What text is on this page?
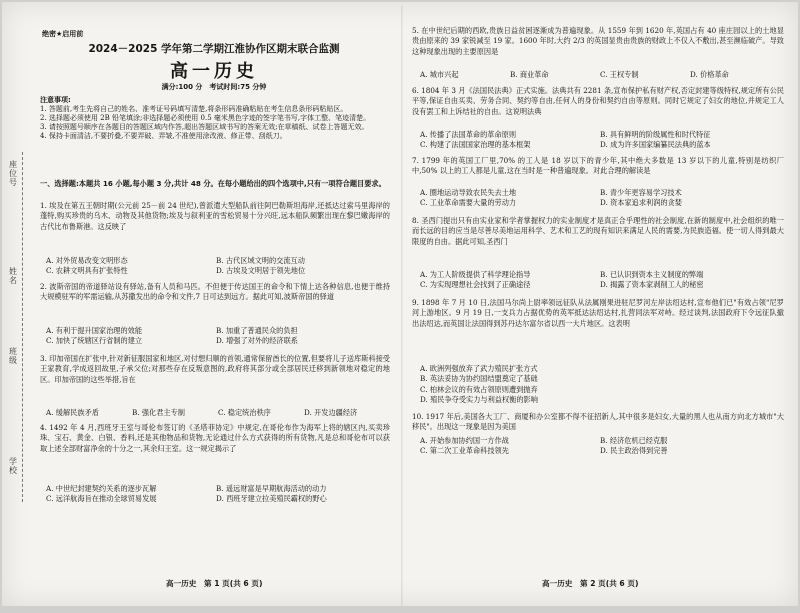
座位号
姓名
班级
学校
绝密★启用前
2024－2025 学年第二学期江淮协作区期末联合监测
高一历史
满分:100 分　考试时间:75 分钟
注意事项:
1. 答题前,考生先将自己的姓名、准考证号码填写清楚,将条形码准确粘贴在考生信息条形码粘贴区。
2. 选择题必须使用 2B 铅笔填涂;非选择题必须使用 0.5 毫米黑色字迹的签字笔书写,字体工整、笔迹清楚。
3. 请按照题号顺序在各题目的答题区域内作答,超出答题区域书写的答案无效;在草稿纸、试卷上答题无效。
4. 保持卡面清洁,不要折叠,不要弄破、弄皱,不准使用涂改液、修正带、刮纸刀。
一、选择题:本题共 16 小题,每小题 3 分,共计 48 分。在每小题给出的四个选项中,只有一项符合题目要求。
1. 埃及在第五王朝时期(公元前 25－前 24 世纪),曾派遣大型船队前往阿巴勒斯坦海岸,还抵达过索马里海岸的蓬特,购买珍贵的乌木、动物及其他货物;埃及与叙利亚的雪松贸易十分兴旺,远本船队频繁出现在黎巴嫩海岸的古代比布鲁斯港。这反映了
A. 对外贸易改变文明形态	B. 古代区域文明的交流互动
C. 农耕文明具有扩张特性	D. 古埃及文明居于领先地位
2. 波斯帝国的帝道驿站设有驿站,备有人员和马匹。不但便于传达国王的命令和下情上达各种信息,也便于维持大规模驻军的军需运输,从苏撒发出的命令和文件,7 日可达到远方。据此可知,波斯帝国的驿道
A. 有利于提升国家治理的效能	B. 加重了普通民众的负担
C. 加快了统辖区行省制的建立	D. 增强了对外的经济联系
3. 印加帝国在扩张中,针对新征服国家和地区,对付想归顺的首领,通常保留酋长的位置,但要将儿子送库斯科接受王家教育,学成返回故里,子承父位;对那些存在反叛意图的,政府将其部分或全部居民迁移到新领地对稳定的地区。印加帝国的这些举措,旨在
A. 缓解民族矛盾	B. 强化君主专制	C. 稳定统治秩序	D. 开发边疆经济
4. 1492 年 4 月,西班牙王室与哥伦布签订的《圣塔菲协定》中规定,在哥伦布作为海军上将的辖区内,买卖珍珠、宝石、黄金、白银、香料,还是其他物品和货物,无论通过什么方式获得的所有货物,凡是总和哥伦布可以获取上述全部财富净余的十分之一,其余归王室。这一规定揭示了
A. 中世纪封建契约关系的逐步瓦解	B. 遥远财富是早期航海活动的动力
C. 远洋航海旨在推动全球贸易发展	D. 西班牙建立拉美殖民霸权的野心
高一历史　第 1 页(共 6 页)
5. 在中世纪后期的西欧,贵族日益贫困逐渐成为普遍现象。从 1559 年到 1620 年,英国占有 40 座庄园以上的土地显贵由原来的 39 家锐减至 19 家。1600 年时,大约 2/3 的英国显贵由贵族的财政上不仅入不敷出,甚至濒临破产。导致这种现象出现的主要原因是
A. 城市兴起	B. 商业革命	C. 王权专制	D. 价格革命
6. 1804 年 3 月《法国民法典》正式实施。法典共有 2281 条,宣布保护私有财产权,否定封建等级特权,规定所有公民平等,保证自由买卖、劳务合同、契约等自由,任何人的身份和契约自由等原则。同时它规定了妇女的地位,并规定工人没有罢工和上诉结社的自由。这说明法典
A. 传播了法国革命的革命原则	B. 具有鲜明的阶级属性和时代特征
C. 构建了法国国家治理的基本框架	D. 成为许多国家编纂民法典的蓝本
7. 1799 年的英国工厂里,70% 的工人是 18 岁以下的青少年,其中绝大多数是 13 岁以下的儿童,特别是纺织厂中,50% 以上的工人都是儿童,这在当时是一种普遍现象。对此合理的解读是
A. 圈地运动导致农民失去土地	B. 青少年更容易学习技术
C. 工业革命需要大量的劳动力	D. 资本家追求利润的贪婪
8. 圣西门提出只有由实业家和学者掌握权力的实业制度才是真正合乎理性的社会制度,在新的制度中,社会组织的唯一而长远的目的应当是尽善尽美地运用科学、艺术和工艺的现有知识来满足人民的需要,为民族造福。使一切人得到最大限度的自由。据此可知,圣西门
A. 为工人阶级提供了科学理论指导	B. 已认识到资本主义制度的弊端
C. 为实现理想社会找到了正确途径	D. 揭露了资本家剥削工人的秘密
9. 1898 年 7 月 10 日,法国马尔尚上尉率领远征队从法属刚果进驻尼罗河左岸法绍达村,宣布他们已"有效占领"尼罗河上游地区。9 月 19 日,一支兵力占据优势的英军抵达法绍达村,扎营同法军对峙。经过谈判,法国政府下令远征队撤出法绍达,而英国让法国得到苏丹达尔富尔省以西一大片地区。这表明
A. 欧洲列强放弃了武力殖民扩张方式
B. 英法妥协为协约国结盟奠定了基础
C. 柏林会议的有效占领原则遭到抛弃
D. 殖民争夺受实力与利益权衡的影响
10. 1917 年后,美国各大工厂、商厦和办公室都不得不征招新人,其中很多是妇女,大量的黑人也从南方向北方城市"大移民"。出现这一现象是因为美国
A. 开始参加协约国一方作战	B. 经济危机已经克服
C. 第二次工业革命科技领先	D. 民主政治得到完善
高一历史　第 2 页(共 6 页)
